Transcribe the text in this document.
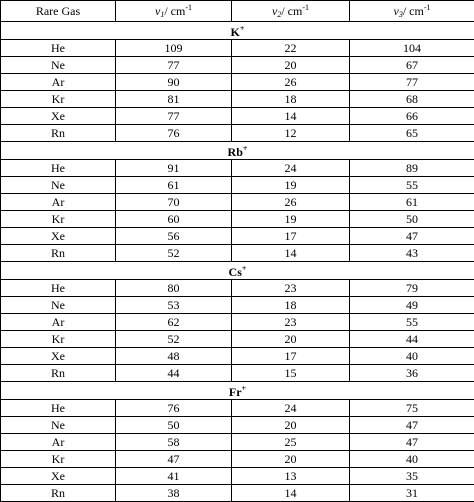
Rare Gas	$\nu_1/$ $cm^{-1}$	$\nu_2/$ $cm^{-1}$	$\nu_3/$ $cm^{-1}$
K+
He	109	22	104
Ne	77	20	67
Ar	90	26	77
Kr	81	18	68
Xe	77	14	66
Rn	76	12	65
Rb+
He	91	24	89
Ne	61	19	55
Ar	70	26	61
Kr	60	19	50
Xe	56	17	47
Rn	52	14	43
Cs+
He	80	23	79
Ne	53	18	49
Ar	62	23	55
Kr	52	20	44
Xe	48	17	40
Rn	44	15	36
Fr+
He	76	24	75
Ne	50	20	47
Ar	58	25	47
Kr	47	20	40
Xe	41	13	35
Rn	38	14	31
